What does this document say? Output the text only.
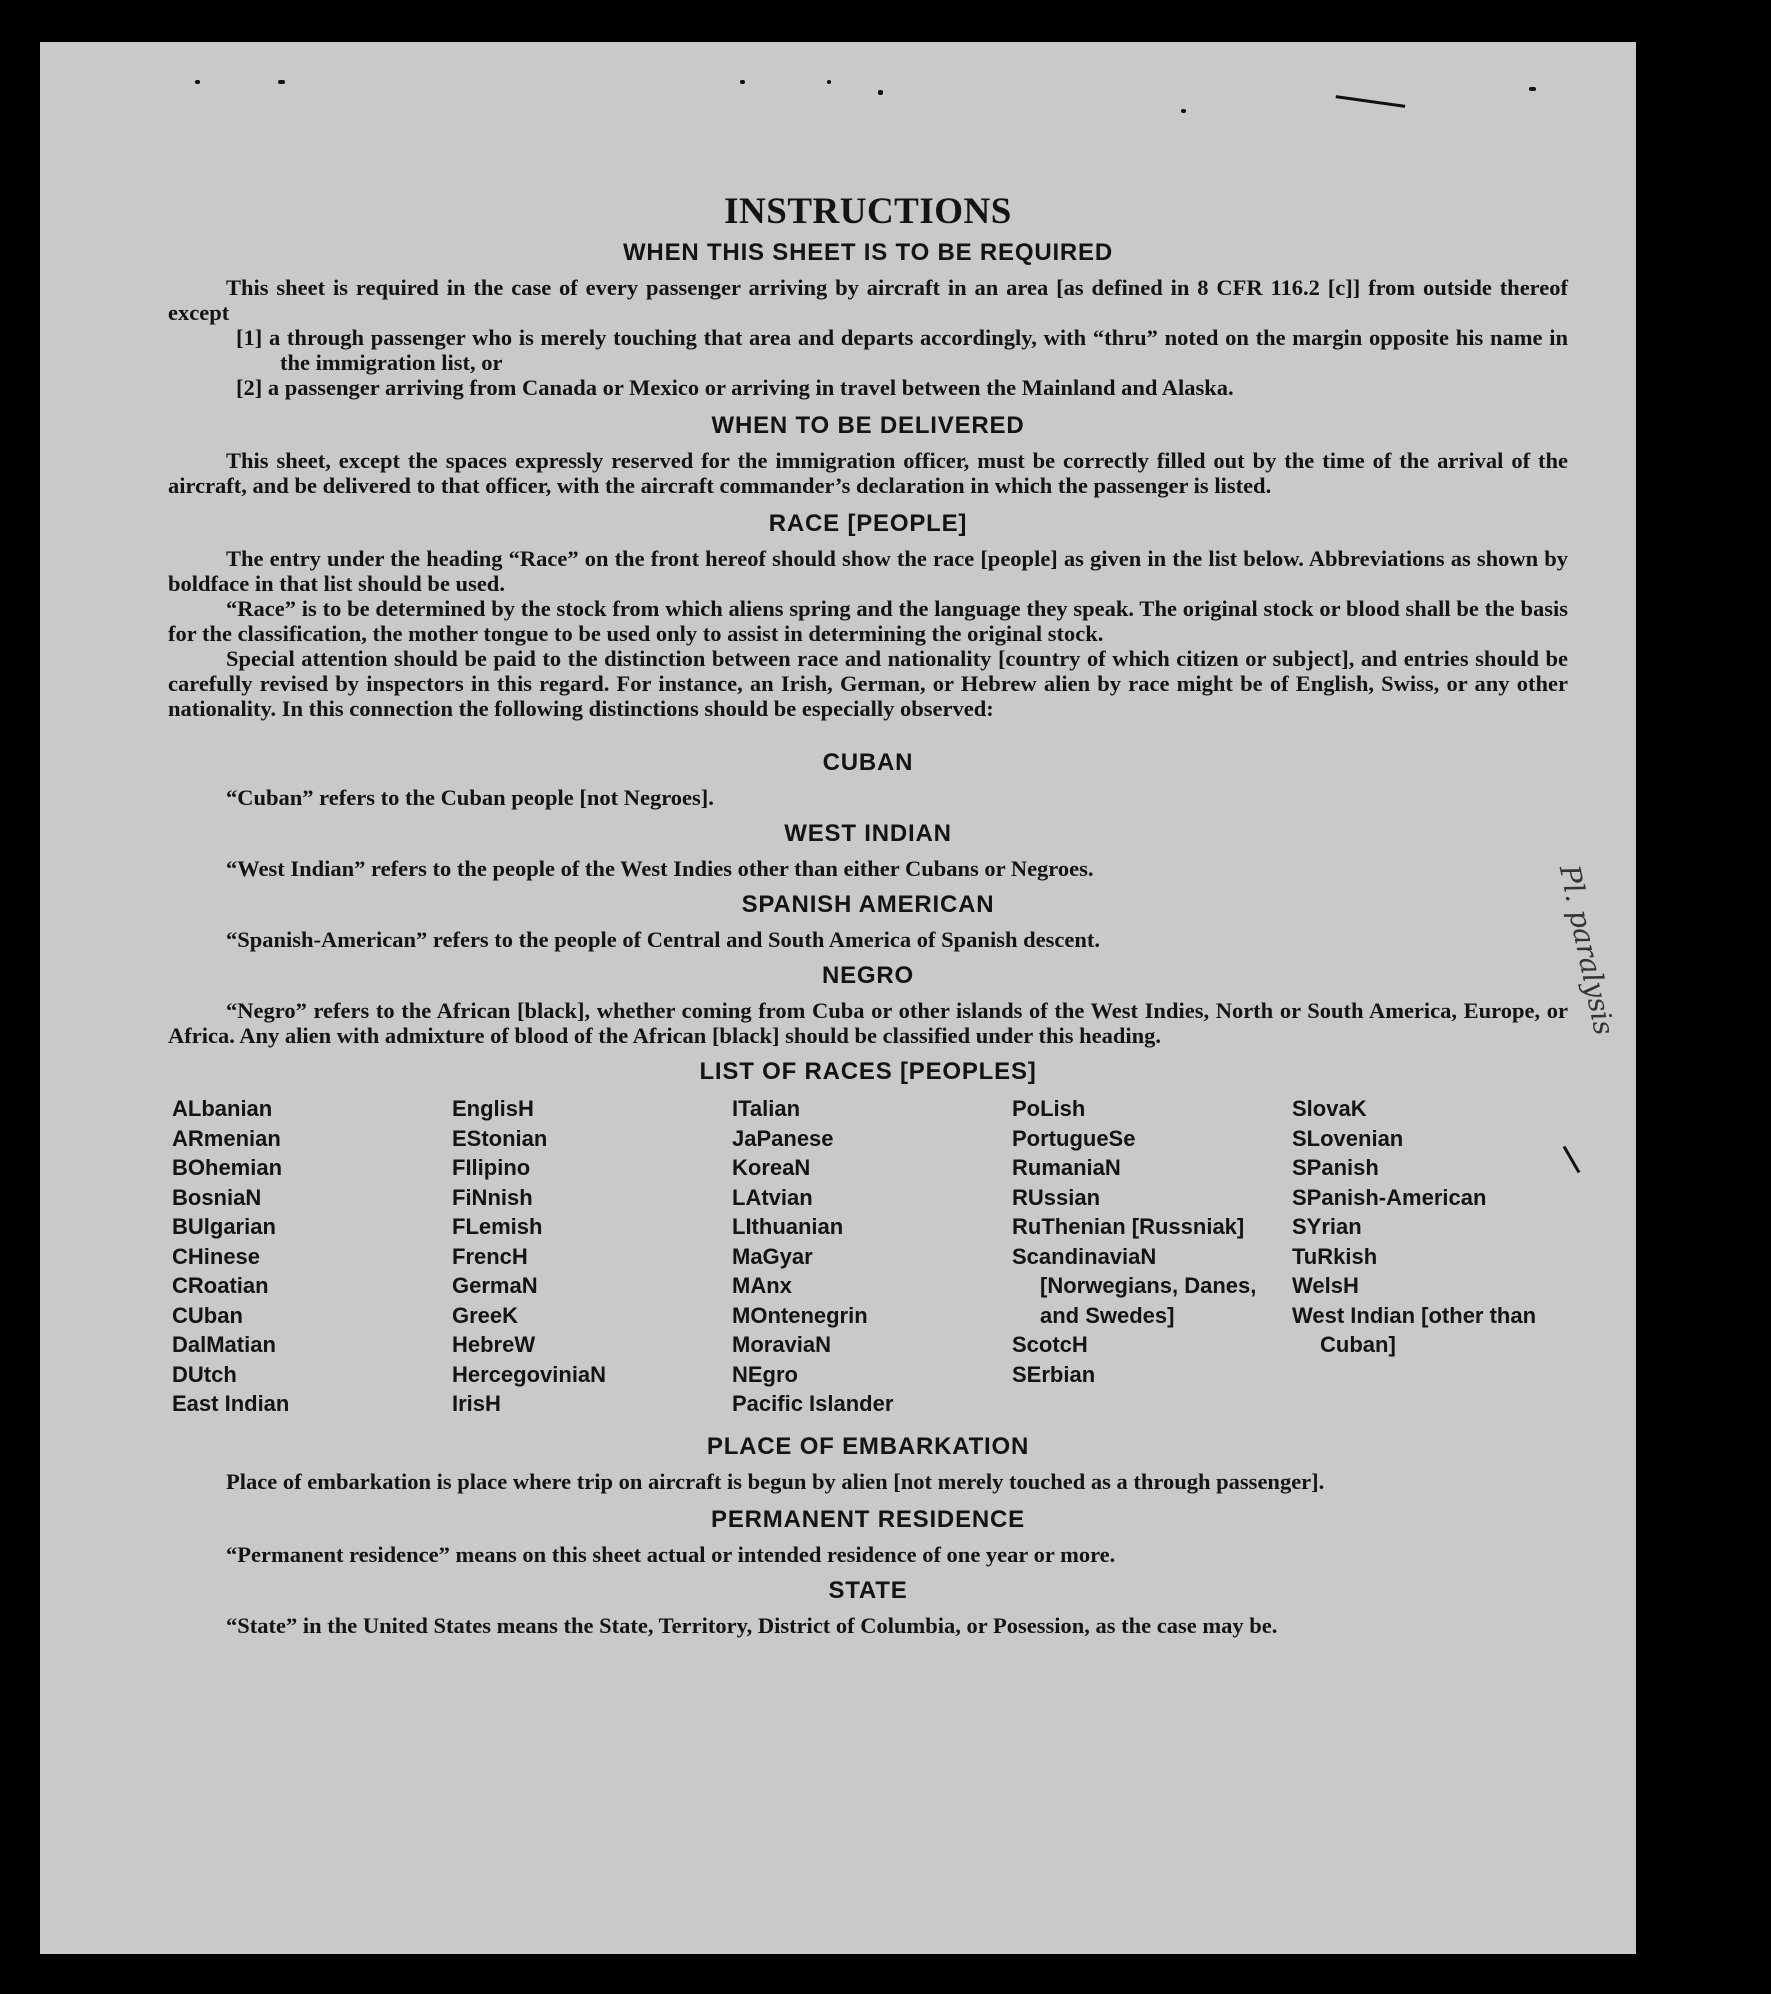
Pl. paralysis
INSTRUCTIONS
WHEN THIS SHEET IS TO BE REQUIRED

This sheet is required in the case of every passenger arriving by aircraft in an area [as defined in 8 CFR 116.2 [c]] from outside thereof except

[1] a through passenger who is merely touching that area and departs accordingly, with “thru” noted on the margin opposite his name in the immigration list, or

[2] a passenger arriving from Canada or Mexico or arriving in travel between the Mainland and Alaska.

WHEN TO BE DELIVERED

This sheet, except the spaces expressly reserved for the immigration officer, must be correctly filled out by the time of the arrival of the aircraft, and be delivered to that officer, with the aircraft commander’s declaration in which the passenger is listed.

RACE [PEOPLE]

The entry under the heading “Race” on the front hereof should show the race [people] as given in the list below. Abbreviations as shown by boldface in that list should be used.

“Race” is to be determined by the stock from which aliens spring and the language they speak. The original stock or blood shall be the basis for the classification, the mother tongue to be used only to assist in determining the original stock.

Special attention should be paid to the distinction between race and nationality [country of which citizen or subject], and entries should be carefully revised by inspectors in this regard. For instance, an Irish, German, or Hebrew alien by race might be of English, Swiss, or any other nationality. In this connection the following distinctions should be especially observed:

CUBAN

“Cuban” refers to the Cuban people [not Negroes].

WEST INDIAN

“West Indian” refers to the people of the West Indies other than either Cubans or Negroes.

SPANISH AMERICAN

“Spanish-American” refers to the people of Central and South America of Spanish descent.

NEGRO

“Negro” refers to the African [black], whether coming from Cuba or other islands of the West Indies, North or South America, Europe, or Africa. Any alien with admixture of blood of the African [black] should be classified under this heading.

LIST OF RACES [PEOPLES]
ALbanian
ARmenian
BOhemian
BosniaN
BUlgarian
CHinese
CRoatian
CUban
DalMatian
DUtch
East Indian
EnglisH
EStonian
FIlipino
FiNnish
FLemish
FrencH
GermaN
GreeK
HebreW
HercegoviniaN
IrisH
ITalian
JaPanese
KoreaN
LAtvian
LIthuanian
MaGyar
MAnx
MOntenegrin
MoraviaN
NEgro
Pacific Islander
PoLish
PortugueSe
RumaniaN
RUssian
RuThenian [Russniak]
ScandinaviaN [Norwegians, Danes, and Swedes]
ScotcH
SErbian
SlovaK
SLovenian
SPanish
SPanish-American
SYrian
TuRkish
WelsH
West Indian [other than Cuban]
PLACE OF EMBARKATION

Place of embarkation is place where trip on aircraft is begun by alien [not merely touched as a through passenger].

PERMANENT RESIDENCE

“Permanent residence” means on this sheet actual or intended residence of one year or more.

STATE

“State” in the United States means the State, Territory, District of Columbia, or Posession, as the case may be.
